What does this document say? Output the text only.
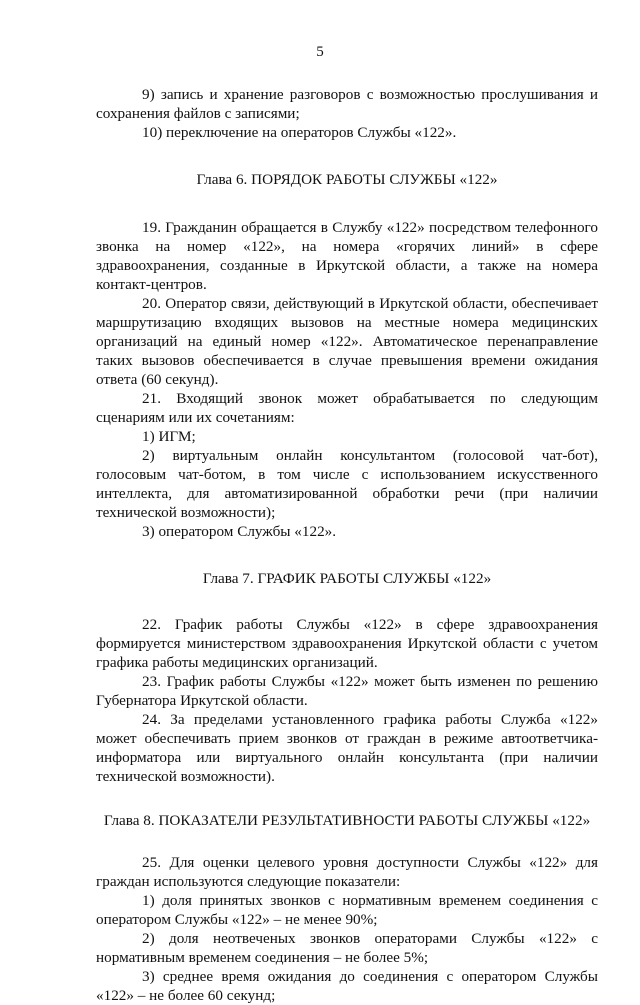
5

9) запись и хранение разговоров с возможностью прослушивания и сохранения файлов с записями;

10) переключение на операторов Службы «122».

Глава 6. ПОРЯДОК РАБОТЫ СЛУЖБЫ «122»

19. Гражданин обращается в Службу «122» посредством телефонного звонка на номер «122», на номера «горячих линий» в сфере здравоохранения, созданные в Иркутской области, а также на номера контакт-центров.

20. Оператор связи, действующий в Иркутской области, обеспечивает маршрутизацию входящих вызовов на местные номера медицинских организаций на единый номер «122». Автоматическое перенаправление таких вызовов обеспечивается в случае превышения времени ожидания ответа (60 секунд).

21. Входящий звонок может обрабатывается по следующим сценариям или их сочетаниям:

1) ИГМ;

2) виртуальным онлайн консультантом (голосовой чат-бот), голосовым чат-ботом, в том числе с использованием искусственного интеллекта, для автоматизированной обработки речи (при наличии технической возможности);

3) оператором Службы «122».

Глава 7. ГРАФИК РАБОТЫ СЛУЖБЫ «122»

22. График работы Службы «122» в сфере здравоохранения формируется министерством здравоохранения Иркутской области с учетом графика работы медицинских организаций.

23. График работы Службы «122» может быть изменен по решению Губернатора Иркутской области.

24. За пределами установленного графика работы Служба «122» может обеспечивать прием звонков от граждан в режиме автоответчика-информатора или виртуального онлайн консультанта (при наличии технической возможности).

Глава 8. ПОКАЗАТЕЛИ РЕЗУЛЬТАТИВНОСТИ РАБОТЫ СЛУЖБЫ «122»

25. Для оценки целевого уровня доступности Службы «122» для граждан используются следующие показатели:

1) доля принятых звонков с нормативным временем соединения с оператором Службы «122» – не менее 90%;

2) доля неотвеченых звонков операторами Службы «122» с нормативным временем соединения – не более 5%;

3) среднее время ожидания до соединения с оператором Службы «122» – не более 60 секунд;
